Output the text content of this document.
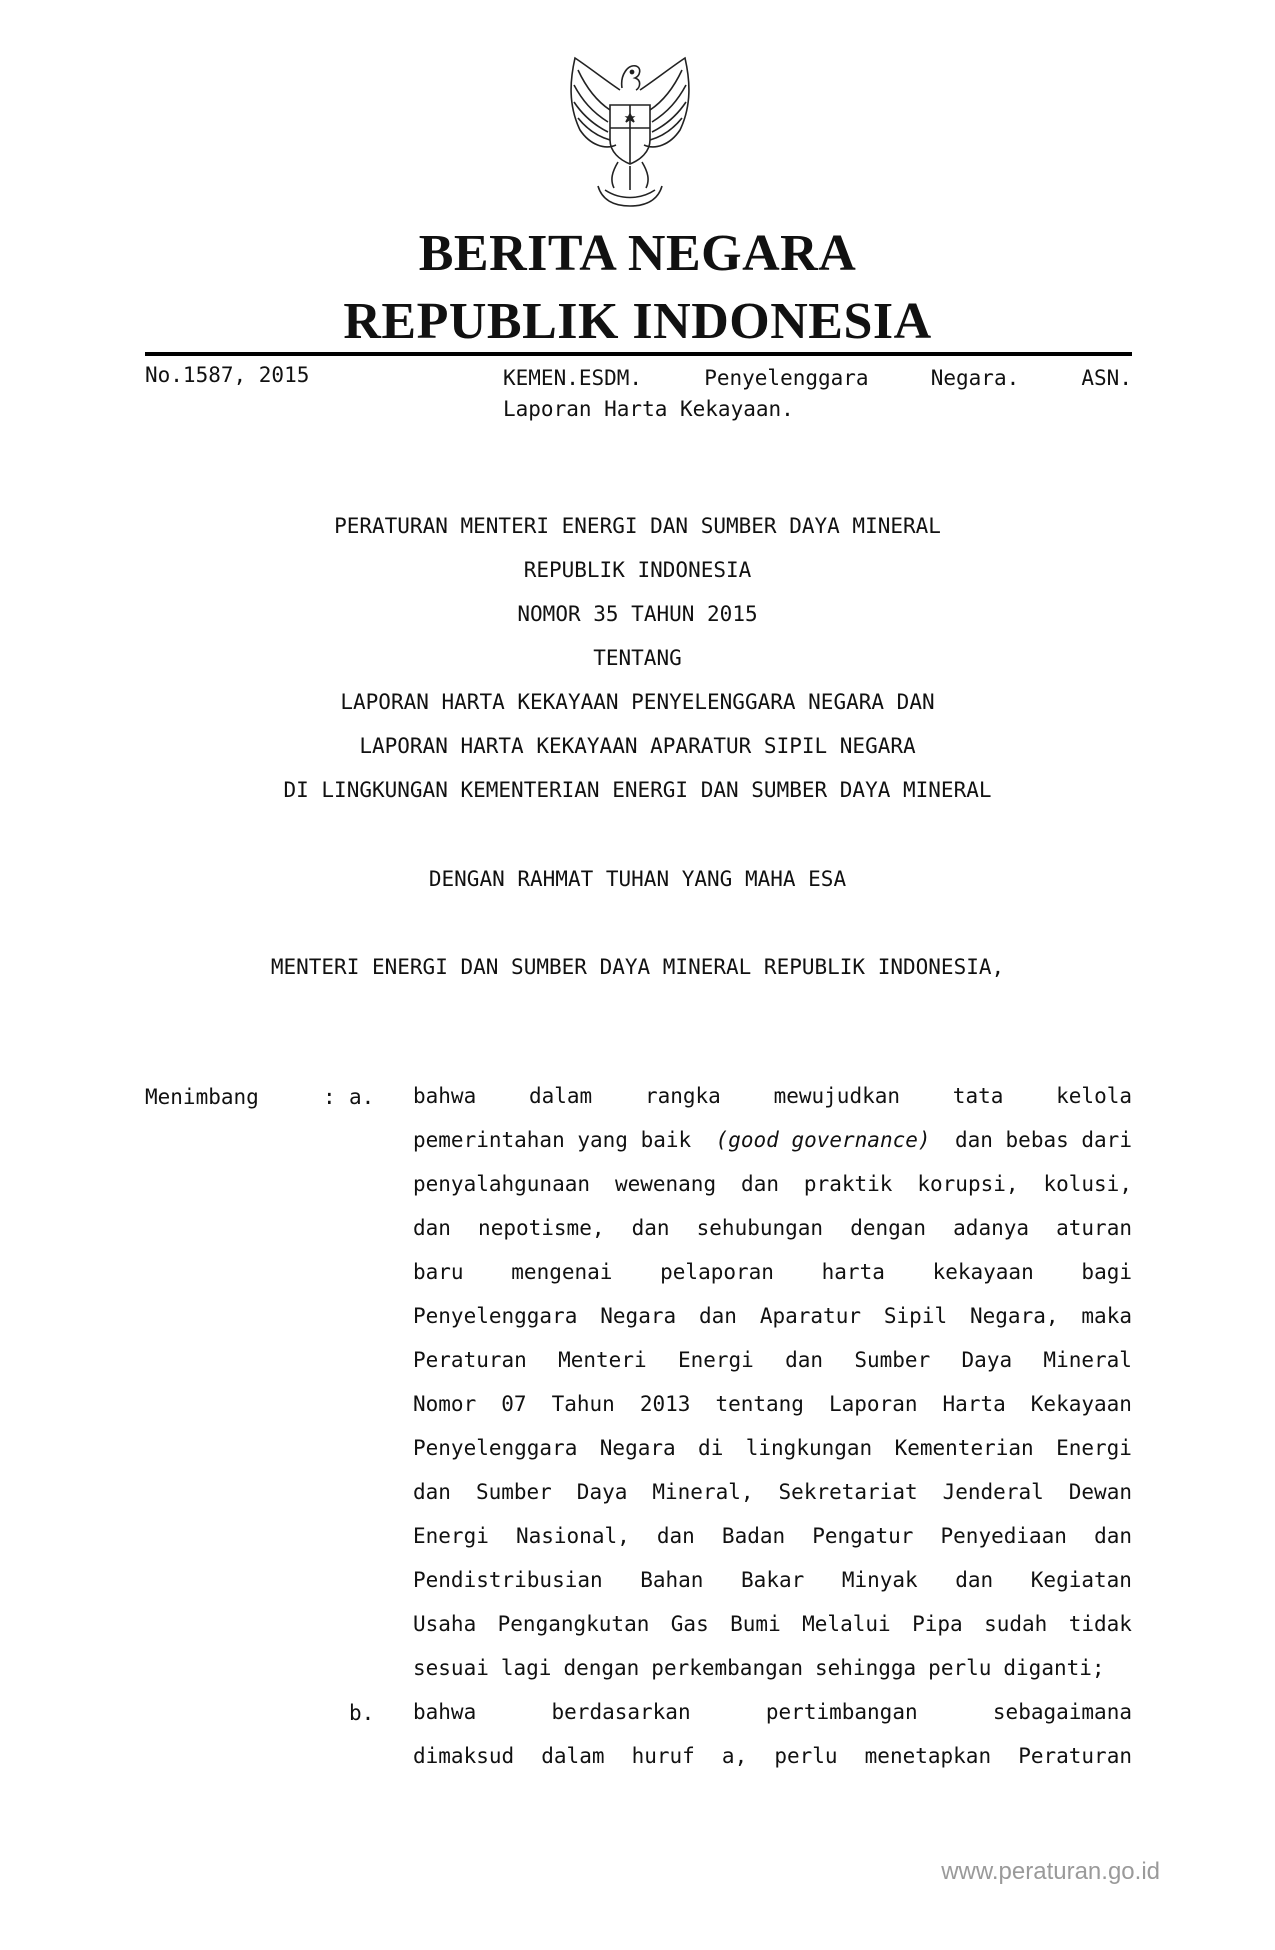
BERITA NEGARA
REPUBLIK INDONESIA
No.1587, 2015	KEMEN.ESDM.	Penyelenggara	Negara.	ASN.
Laporan Harta Kekayaan.
PERATURAN MENTERI ENERGI DAN SUMBER DAYA MINERAL
REPUBLIK INDONESIA
NOMOR 35 TAHUN 2015
TENTANG
LAPORAN HARTA KEKAYAAN PENYELENGGARA NEGARA DAN
LAPORAN HARTA KEKAYAAN APARATUR SIPIL NEGARA
DI LINGKUNGAN KEMENTERIAN ENERGI DAN SUMBER DAYA MINERAL
DENGAN RAHMAT TUHAN YANG MAHA ESA
MENTERI ENERGI DAN SUMBER DAYA MINERAL REPUBLIK INDONESIA,
Menimbang	: a. bahwa	dalam	rangka	mewujudkan	tata	kelola
pemerintahan yang baik (good governance) dan bebas dari
penyalahgunaan wewenang dan praktik korupsi, kolusi,
dan nepotisme, dan sehubungan dengan adanya aturan
baru mengenai pelaporan harta kekayaan bagi
Penyelenggara Negara dan Aparatur Sipil Negara, maka
Peraturan Menteri Energi dan Sumber Daya Mineral
Nomor 07 Tahun 2013 tentang Laporan Harta Kekayaan
Penyelenggara Negara di lingkungan Kementerian Energi
dan Sumber Daya Mineral, Sekretariat Jenderal Dewan
Energi Nasional, dan Badan Pengatur Penyediaan dan
Pendistribusian Bahan Bakar Minyak dan Kegiatan
Usaha Pengangkutan Gas Bumi Melalui Pipa sudah tidak
sesuai lagi dengan perkembangan sehingga perlu diganti;
b. bahwa	berdasarkan	pertimbangan	sebagaimana
dimaksud dalam huruf a, perlu menetapkan Peraturan
www.peraturan.go.id
